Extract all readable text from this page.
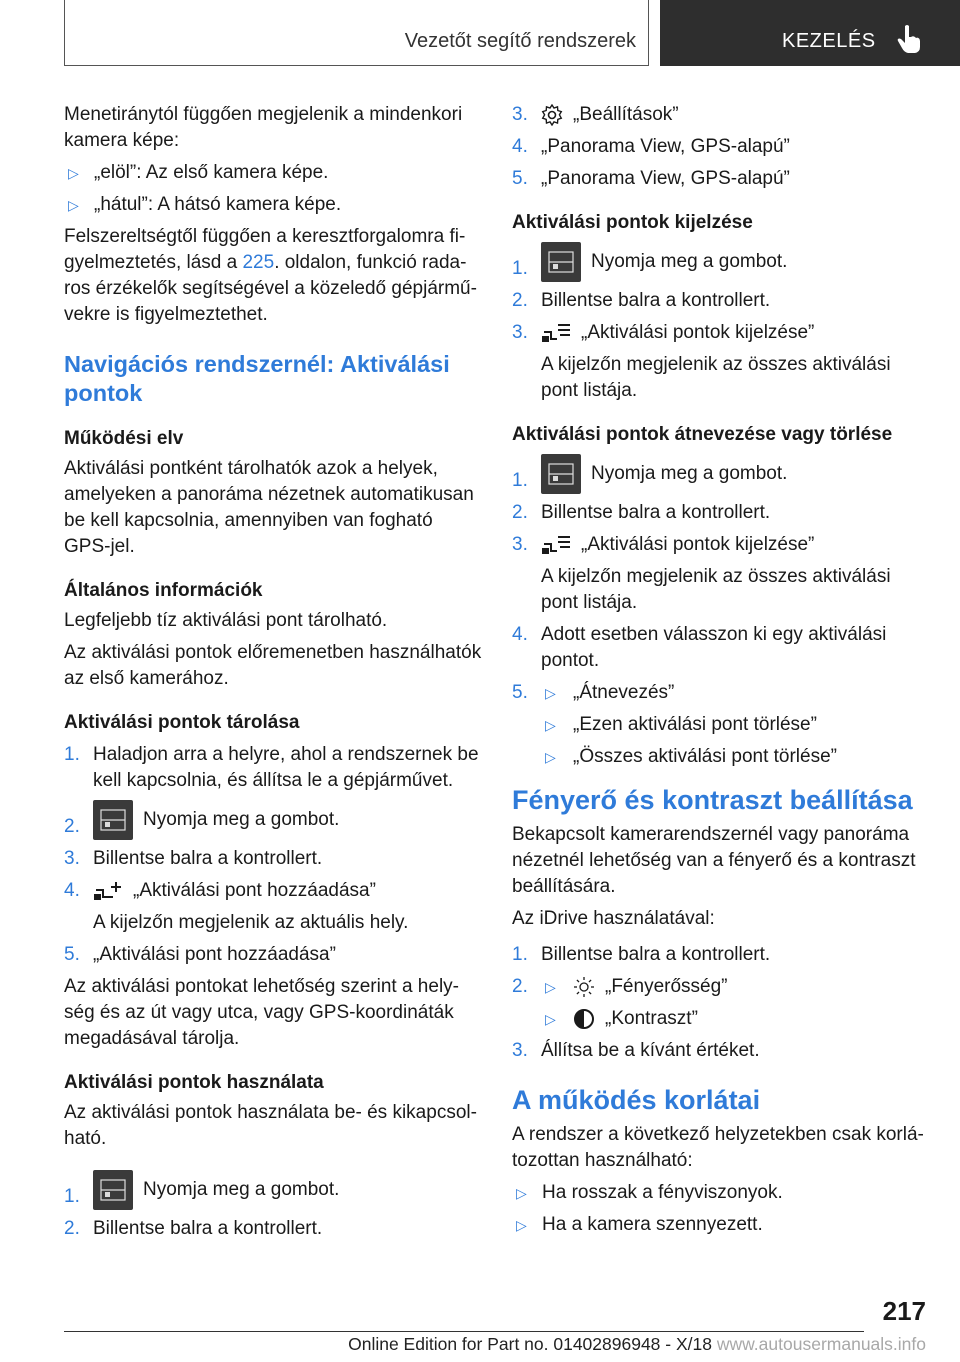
Vezetőt segítő rendszerek	KEZELÉS

Menetiránytól függően megjelenik a mindenkori kamera képe:

▷ „elöl”: Az első kamera képe.
▷ „hátul”: A hátsó kamera képe.

Felszereltségtől függően a keresztforgalomra fi-gyelmeztetés, lásd a 225. oldalon, funkció rada-ros érzékelők segítségével a közeledő gépjármű-vekre is figyelmeztethet.

Navigációs rendszernél: Aktiválási pontok
Működési elv

Aktiválási pontként tárolhatók azok a helyek, amelyeken a panoráma nézetnek automatikusan be kell kapcsolnia, amennyiben van fogható GPS-jel.

Általános információk

Legfeljebb tíz aktiválási pont tárolható.

Az aktiválási pontok előremenetben használhatók az első kamerához.

Aktiválási pontok tárolása
1. Haladjon arra a helyre, ahol a rendszernek be kell kapcsolnia, és állítsa le a gépjárművet.
2.	Nyomja meg a gombot.
3. Billentse balra a kontrollert.
4.	„Aktiválási pont hozzáadása”

A kijelzőn megjelenik az aktuális hely.

5. „Aktiválási pont hozzáadása”

Az aktiválási pontokat lehetőség szerint a hely-ség és az út vagy utca, vagy GPS-koordináták megadásával tárolja.

Aktiválási pontok használata

Az aktiválási pontok használata be- és kikapcsol-ható.

1.	Nyomja meg a gombot.
2. Billentse balra a kontrollert.
3.	„Beállítások”
4. „Panorama View, GPS-alapú”
5. „Panorama View, GPS-alapú”
Aktiválási pontok kijelzése
1.	Nyomja meg a gombot.
2. Billentse balra a kontrollert.
3.	„Aktiválási pontok kijelzése”

A kijelzőn megjelenik az összes aktiválási pont listája.

Aktiválási pontok átnevezése vagy törlése
1.	Nyomja meg a gombot.
2. Billentse balra a kontrollert.
3.	„Aktiválási pontok kijelzése”

A kijelzőn megjelenik az összes aktiválási pont listája.

4. Adott esetben válasszon ki egy aktiválási pontot.
5.	▷ „Átnevezés”
▷ „Ezen aktiválási pont törlése”
▷ „Összes aktiválási pont törlése”
Fényerő és kontraszt beállítása

Bekapcsolt kamerarendszernél vagy panoráma nézetnél lehetőség van a fényerő és a kontraszt beállítására.

Az iDrive használatával:

1. Billentse balra a kontrollert.
2.	▷	„Fényerősség”
▷	„Kontraszt”
3. Állítsa be a kívánt értéket.
A működés korlátai

A rendszer a következő helyzetekben csak korlá-tozottan használható:

▷ Ha rosszak a fényviszonyok.
▷ Ha a kamera szennyezett.
217
Online Edition for Part no. 01402896948 - X/18 www.autousermanuals.info
